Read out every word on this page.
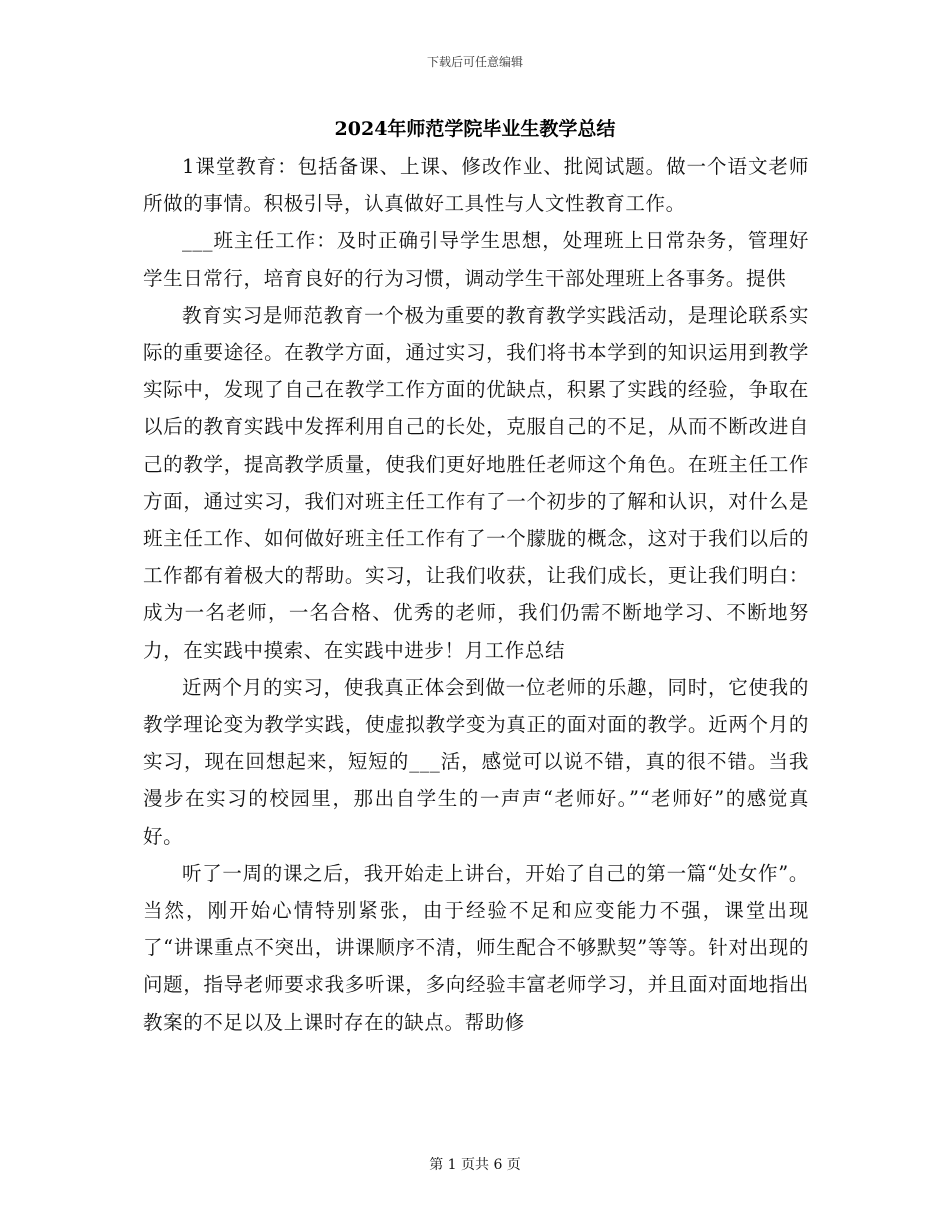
下载后可任意编辑
2024年师范学院毕业生教学总结

1课堂教育：包括备课、上课、修改作业、批阅试题。做一个语文老师所做的事情。积极引导，认真做好工具性与人文性教育工作。

___班主任工作：及时正确引导学生思想，处理班上日常杂务，管理好学生日常行，培育良好的行为习惯，调动学生干部处理班上各事务。提供

教育实习是师范教育一个极为重要的教育教学实践活动，是理论联系实际的重要途径。在教学方面，通过实习，我们将书本学到的知识运用到教学实际中，发现了自己在教学工作方面的优缺点，积累了实践的经验，争取在以后的教育实践中发挥利用自己的长处，克服自己的不足，从而不断改进自己的教学，提高教学质量，使我们更好地胜任老师这个角色。在班主任工作方面，通过实习，我们对班主任工作有了一个初步的了解和认识，对什么是班主任工作、如何做好班主任工作有了一个朦胧的概念，这对于我们以后的工作都有着极大的帮助。实习，让我们收获，让我们成长，更让我们明白：成为一名老师，一名合格、优秀的老师，我们仍需不断地学习、不断地努力，在实践中摸索、在实践中进步！月工作总结

近两个月的实习，使我真正体会到做一位老师的乐趣，同时，它使我的教学理论变为教学实践，使虚拟教学变为真正的面对面的教学。近两个月的实习，现在回想起来，短短的___活，感觉可以说不错，真的很不错。当我漫步在实习的校园里，那出自学生的一声声“老师好。”“老师好”的感觉真好。

听了一周的课之后，我开始走上讲台，开始了自己的第一篇“处女作”。当然，刚开始心情特别紧张，由于经验不足和应变能力不强，课堂出现了“讲课重点不突出，讲课顺序不清，师生配合不够默契”等等。针对出现的问题，指导老师要求我多听课，多向经验丰富老师学习，并且面对面地指出教案的不足以及上课时存在的缺点。帮助修

第 1 页共 6 页
